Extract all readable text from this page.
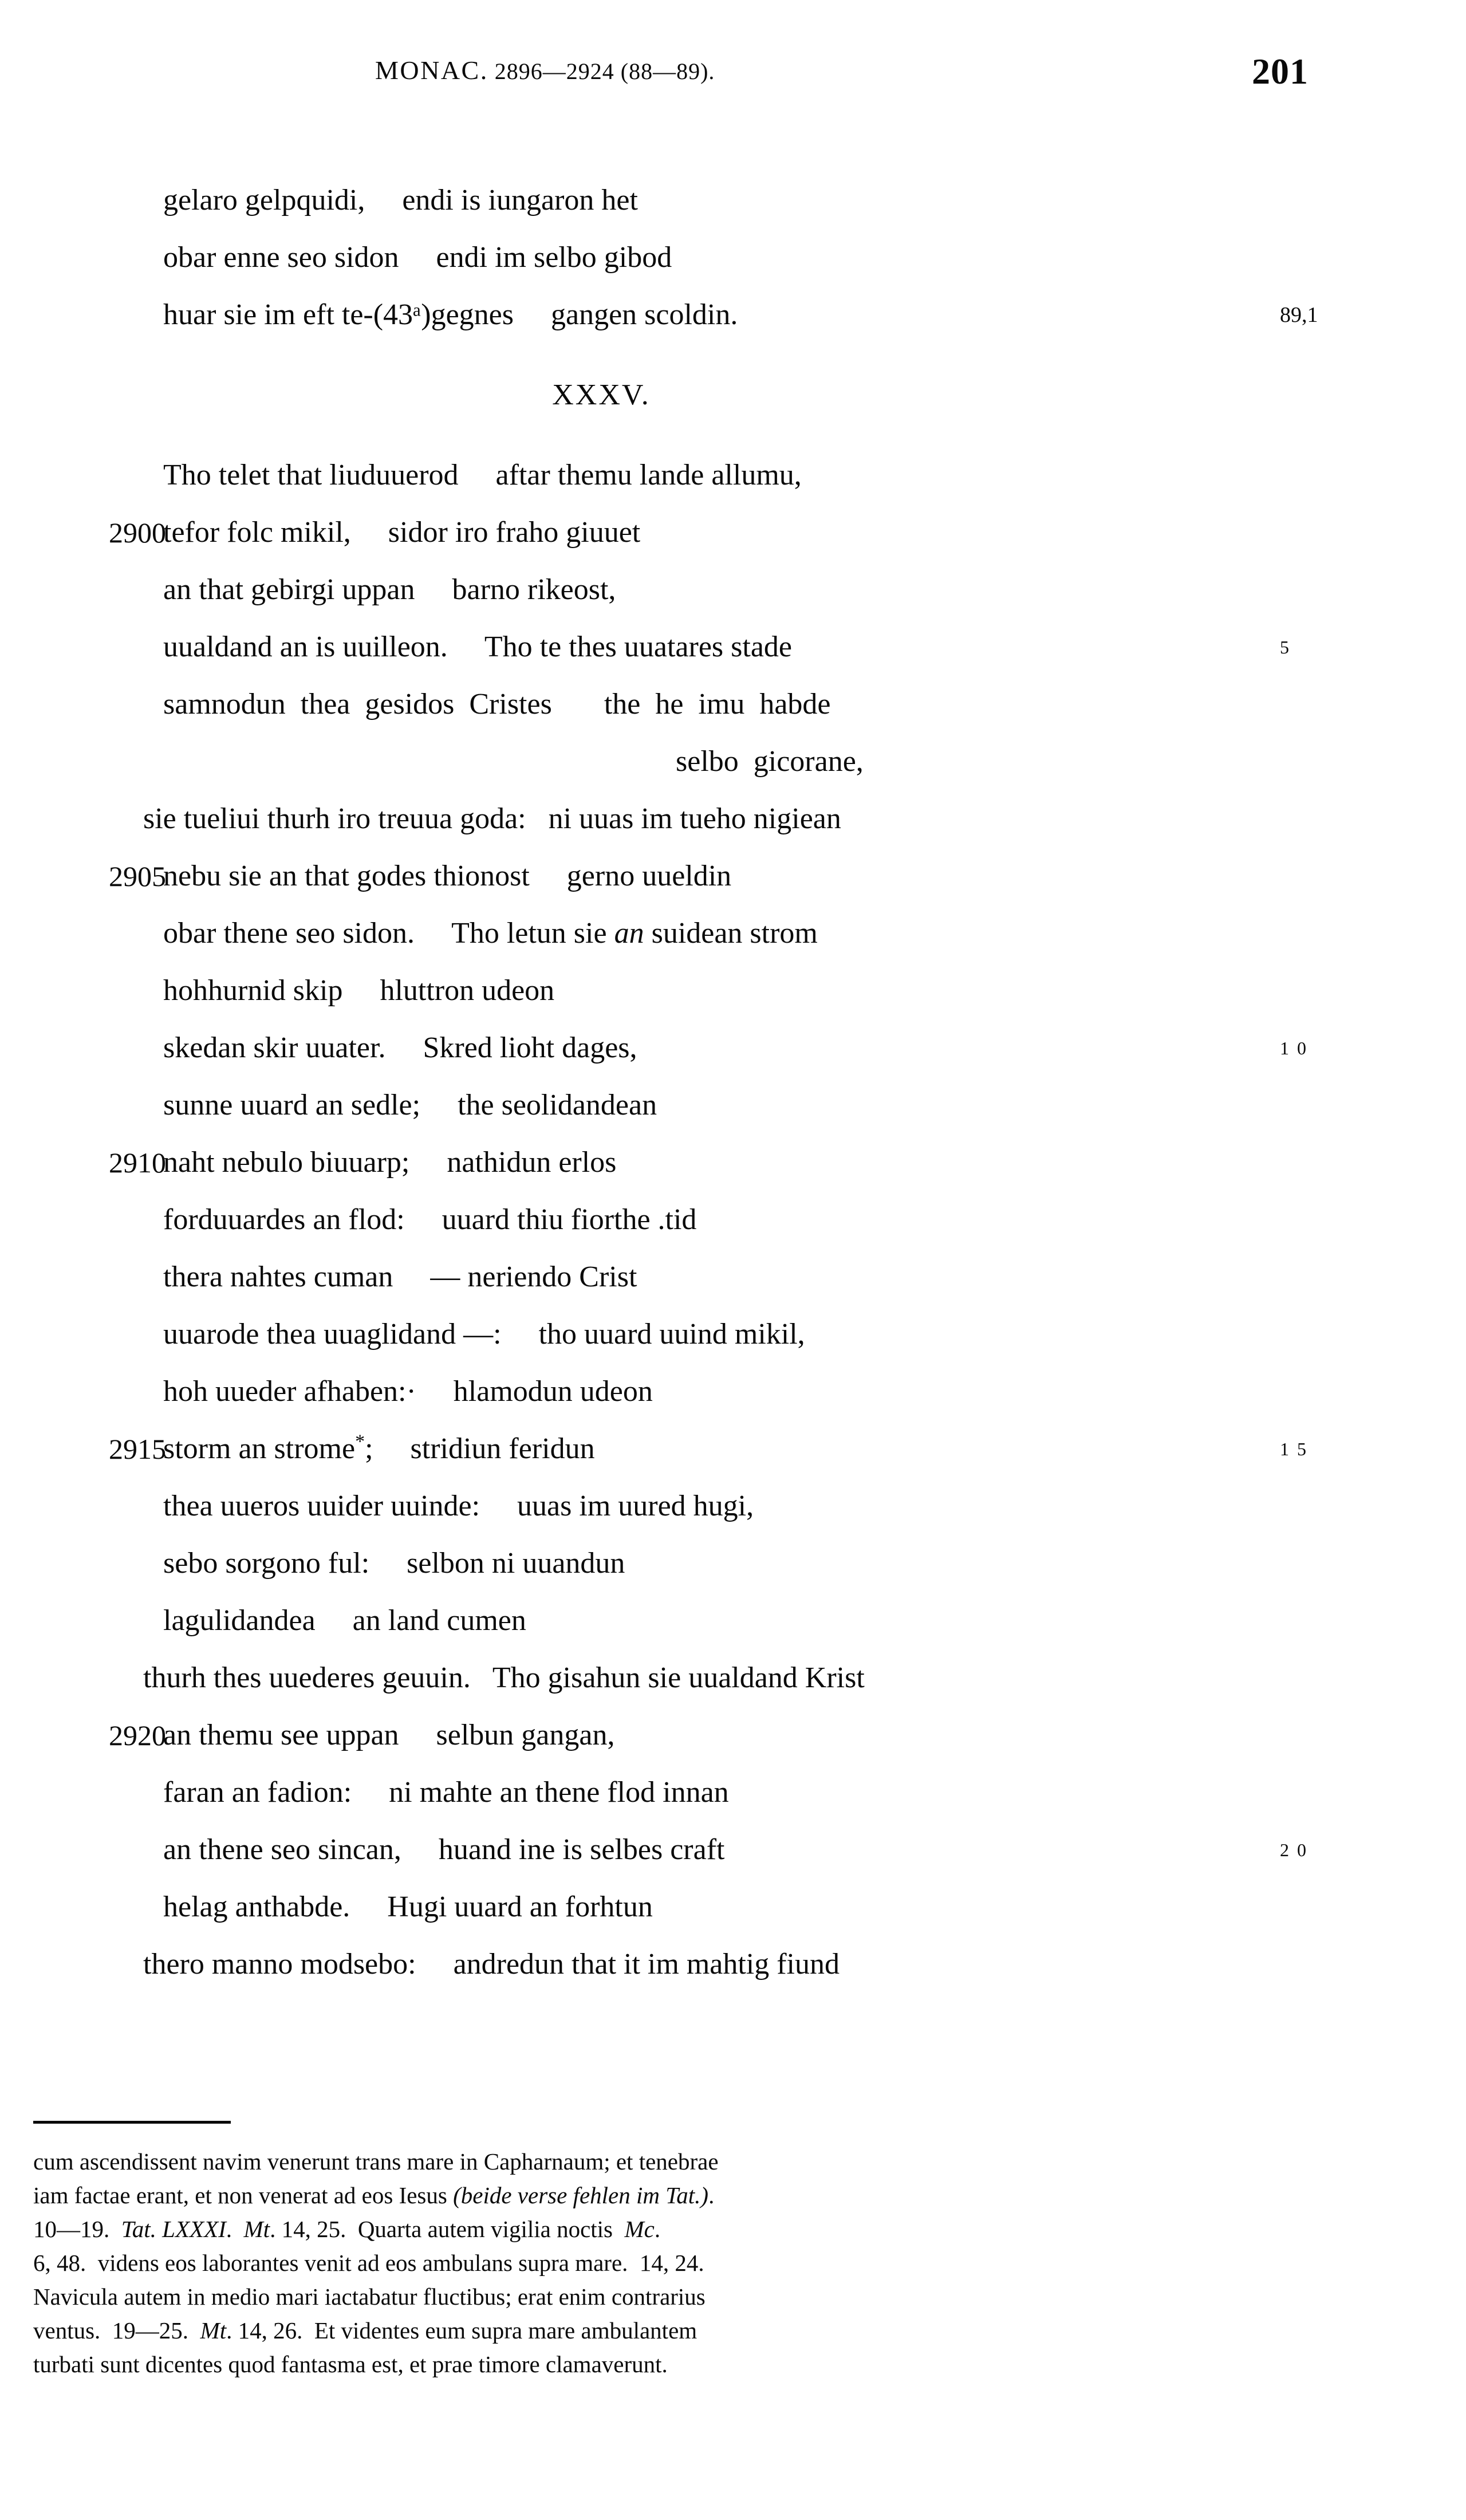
MONAC. 2896—2924 (88—89).	201
XXXV.
gelaro gelpquidi,     endi is iungaron het
obar enne seo sidon     endi im selbo gibod
huar sie im eft te-(43ᵃ)gegnes     gangen scoldin.	89,1
Tho telet that liuduuerod     aftar themu lande allumu,
2900
tefor folc mikil,     sidor iro fraho giuuet
an that gebirgi uppan     barno rikeost,
uualdand an is uuilleon.     Tho te thes uuatares stade	5
samnodun  thea  gesidos  Cristes       the  he  imu  habde
selbo  gicorane,
sie tueliui thurh iro treuua goda:   ni uuas im tueho nigiean
2905
nebu sie an that godes thionost     gerno uueldin
obar thene seo sidon.     Tho letun sie an suidean strom
hohhurnid skip     hluttron udeon
skedan skir uuater.     Skred lioht dages,	1 0
sunne uuard an sedle;     the seolidandean
2910
naht nebulo biuuarp;     nathidun erlos
forduuardes an flod:     uuard thiu fiorthe .tid
thera nahtes cuman     — neriendo Crist
uuarode thea uuaglidand —:     tho uuard uuind mikil,
hoh uueder afhaben:·     hlamodun udeon
2915
storm an strome*;     stridiun feridun	1 5
thea uueros uuider uuinde:     uuas im uured hugi,
sebo sorgono ful:     selbon ni uuandun
lagulidandea     an land cumen
thurh thes uuederes geuuin.   Tho gisahun sie uualdand Krist
2920
an themu see uppan     selbun gangan,
faran an fadion:     ni mahte an thene flod innan
an thene seo sincan,     huand ine is selbes craft	2 0
helag anthabde.     Hugi uuard an forhtun
thero manno modsebo:     andredun that it im mahtig fiund
cum ascendissent navim venerunt trans mare in Capharnaum; et tenebrae
iam factae erant, et non venerat ad eos Iesus (beide verse fehlen im Tat.).
10—19.  Tat. LXXXI.  Mt. 14, 25.  Quarta autem vigilia noctis  Mc.
6, 48.  videns eos laborantes venit ad eos ambulans supra mare.  14, 24.
Navicula autem in medio mari iactabatur fluctibus; erat enim contrarius
ventus.  19—25.  Mt. 14, 26.  Et videntes eum supra mare ambulantem
turbati sunt dicentes quod fantasma est, et prae timore clamaverunt.
